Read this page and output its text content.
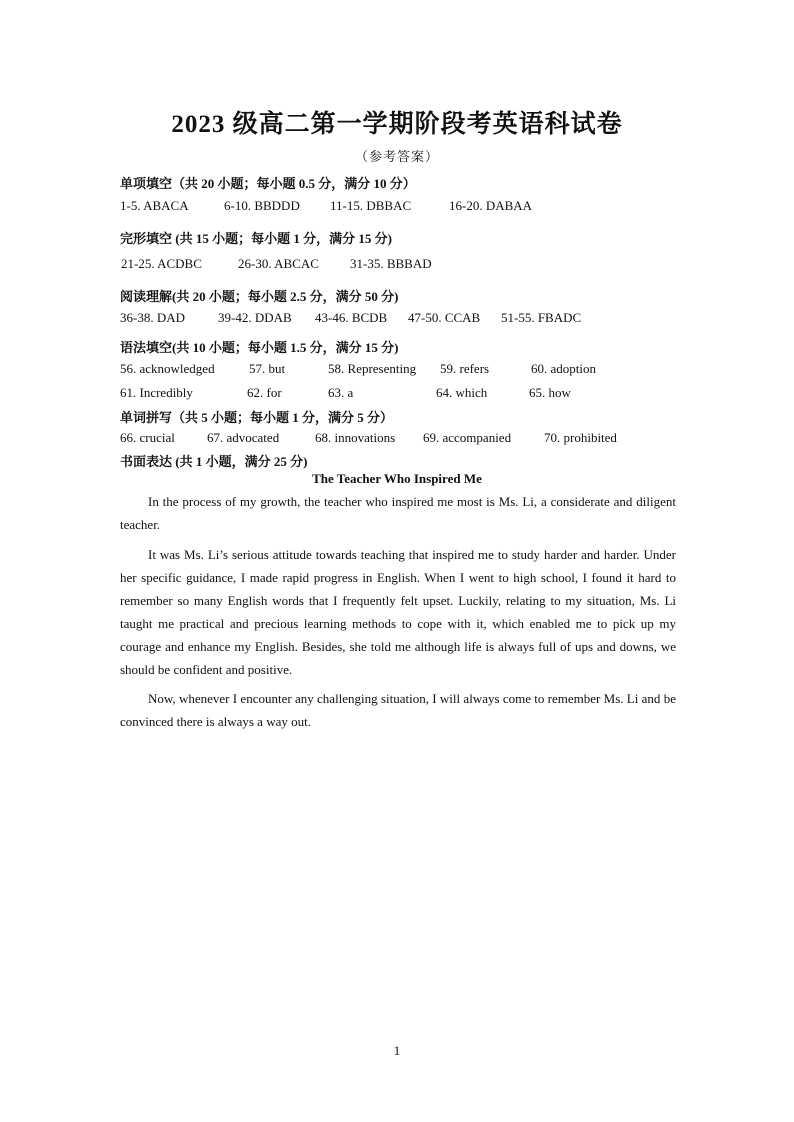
2023 级高二第一学期阶段考英语科试卷
（参考答案）
单项填空（共 20 小题；每小题 0.5 分，满分 10 分）
1-5. ABACA	6-10. BBDDD 11-15. DBBAC	16-20. DABAA
完形填空 (共 15 小题；每小题 1 分，满分 15 分)
21-25. ACDBC	26-30. ABCAC 31-35. BBBAD
阅读理解(共 20 小题；每小题 2.5 分，满分 50 分)
36-38. DAD	39-42. DDAB 43-46. BCDB 47-50. CCAB 51-55. FBADC
语法填空(共 10 小题；每小题 1.5 分，满分 15 分)
56. acknowledged	57. but	58. Representing 59. refers	60. adoption
61. Incredibly	62. for	63. a	64. which	65. how
单词拼写（共 5 小题；每小题 1 分，满分 5 分）
66. crucial 67. advocated	68. innovations 69. accompanied	70. prohibited
书面表达 (共 1 小题，满分 25 分)
The Teacher Who Inspired Me

In the process of my growth, the teacher who inspired me most is Ms. Li, a considerate and diligent teacher.

It was Ms. Li’s serious attitude towards teaching that inspired me to study harder and harder. Under her specific guidance, I made rapid progress in English. When I went to high school, I found it hard to remember so many English words that I frequently felt upset. Luckily, relating to my situation, Ms. Li taught me practical and precious learning methods to cope with it, which enabled me to pick up my courage and enhance my English. Besides, she told me although life is always full of ups and downs, we should be confident and positive.

Now, whenever I encounter any challenging situation, I will always come to remember Ms. Li and be convinced there is always a way out.

1
